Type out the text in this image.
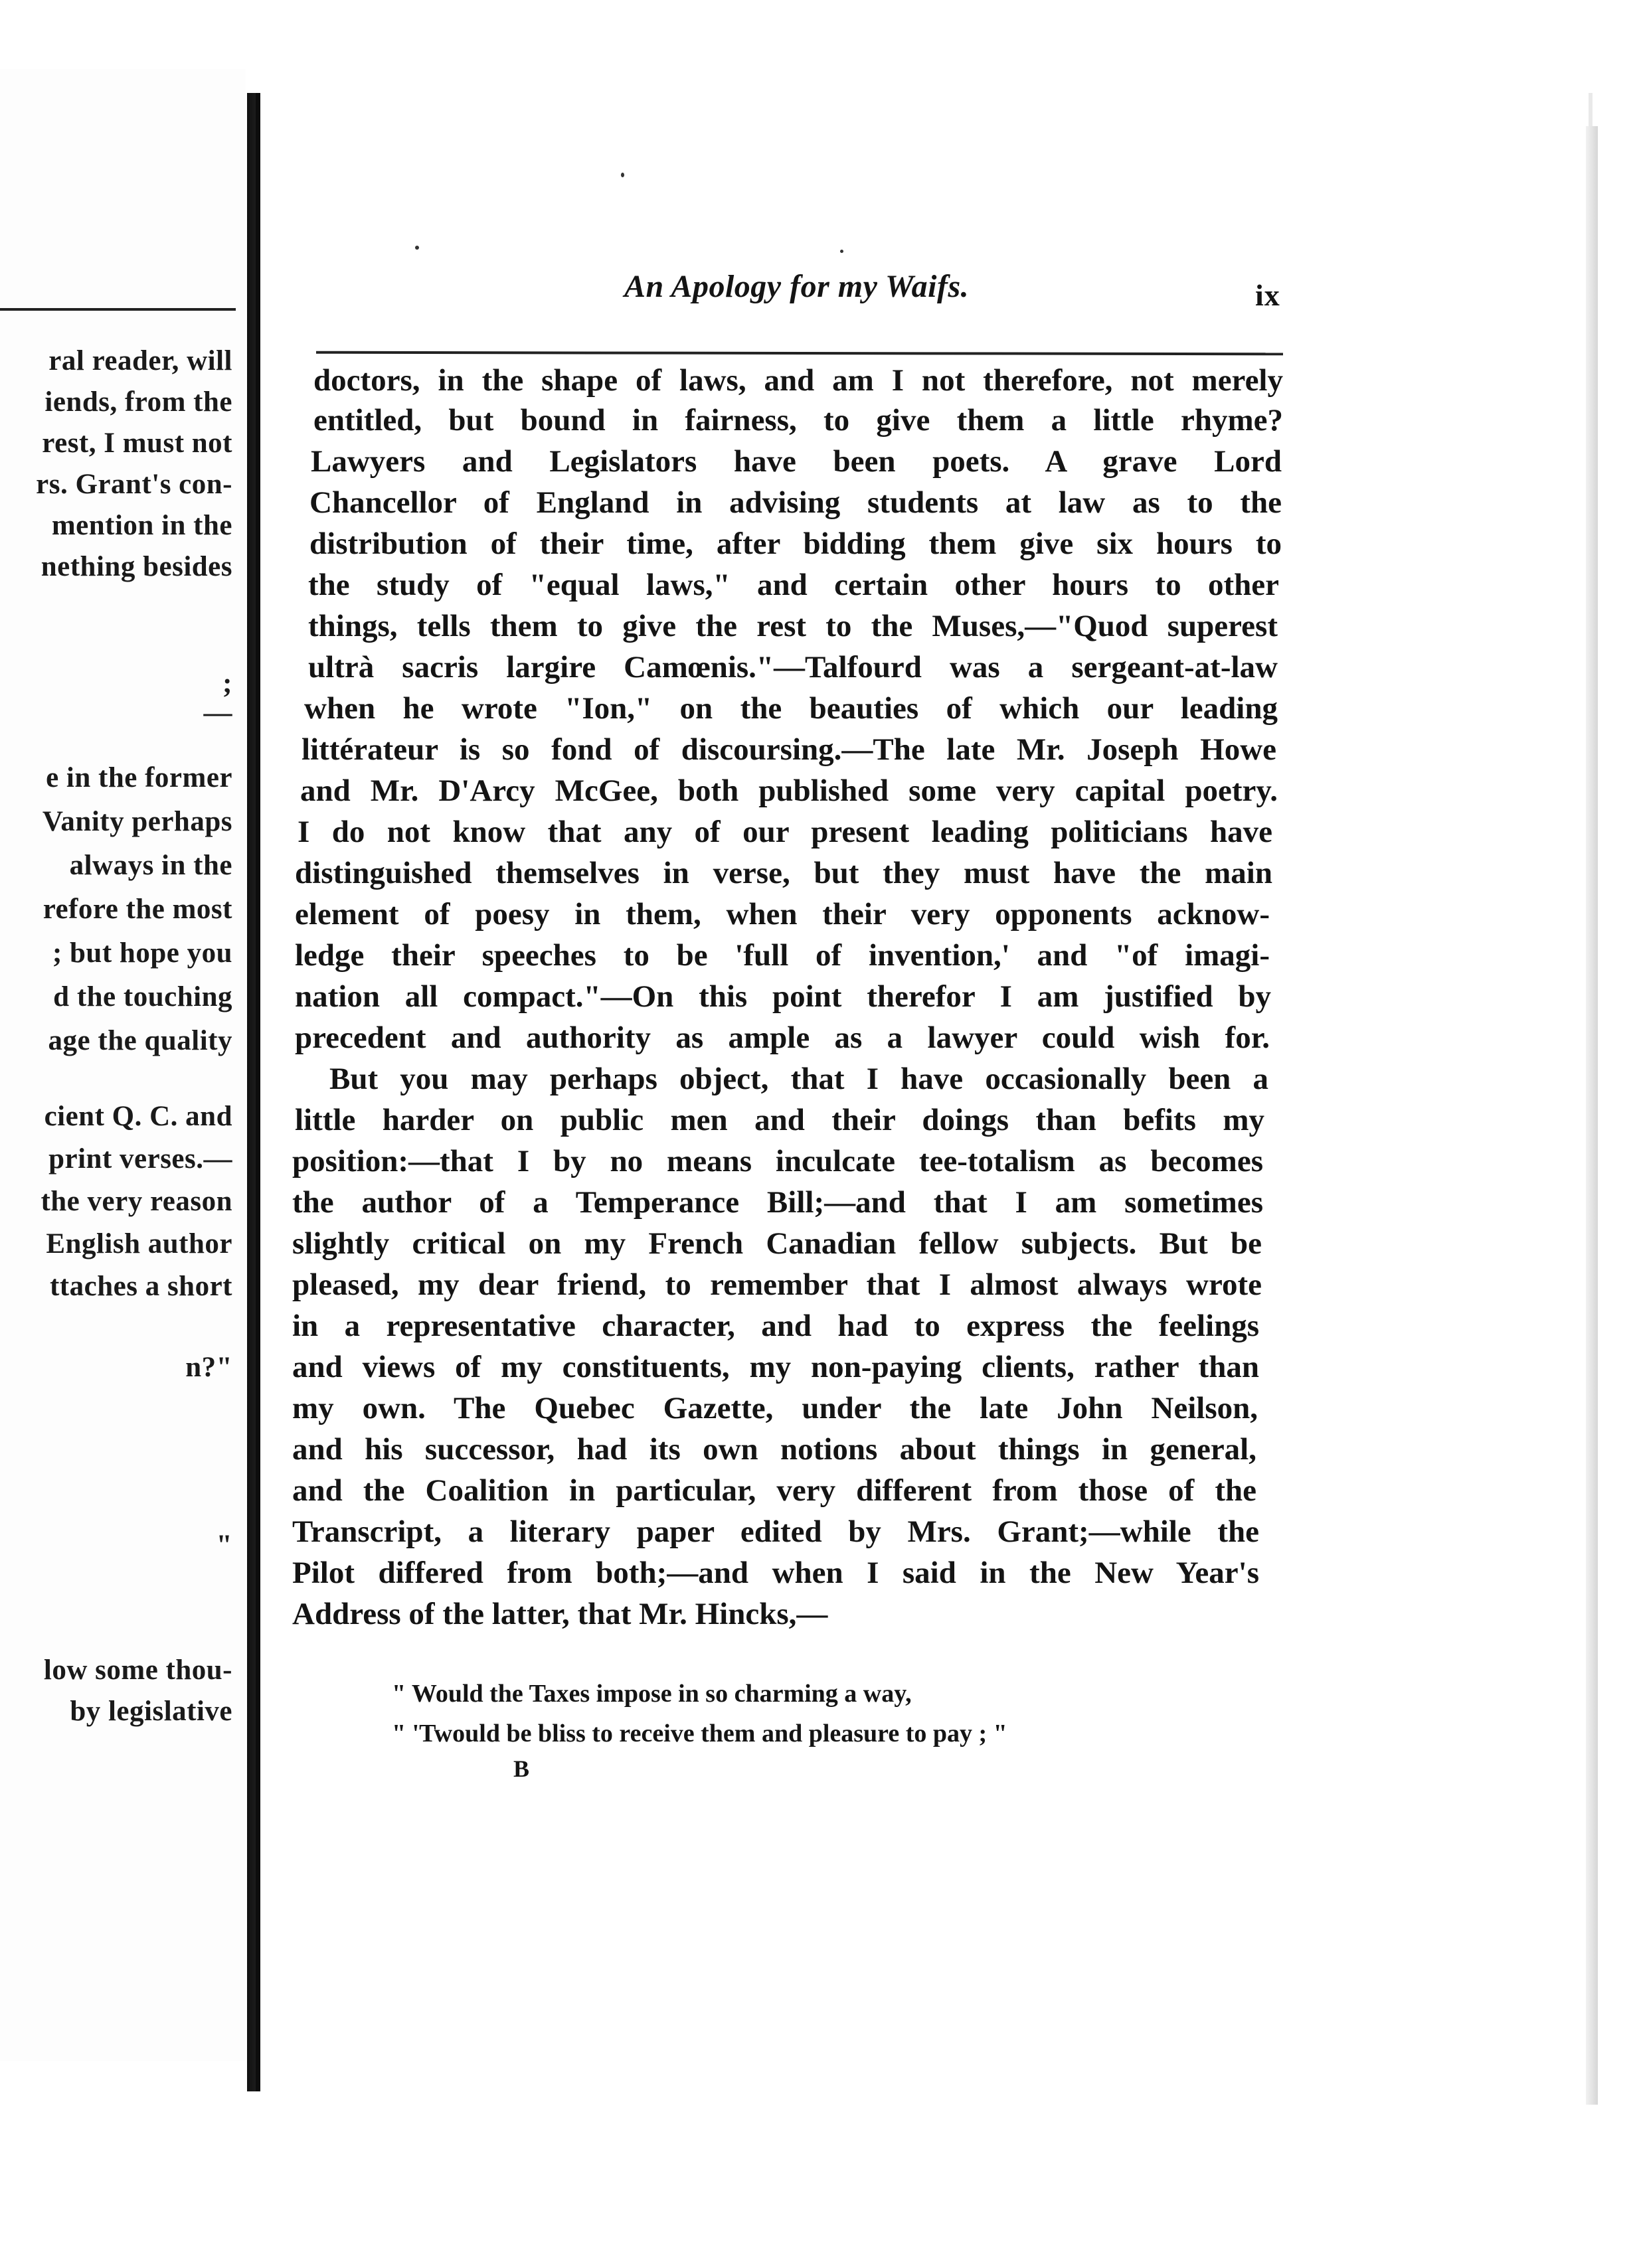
ral reader, will
iends, from the
rest, I must not
rs. Grant's con-
mention in the
nething besides
;
—
e in the former
Vanity perhaps
always in the
refore the most
; but hope you
d the touching
age the quality
cient Q. C. and
print verses.—
the very reason
English author
ttaches a short
n?"
"
low some thou-
by legislative
An Apology for my Waifs.	ix
doctors, in the shape of laws, and am I not therefore, not merely
entitled, but bound in fairness, to give them a little rhyme?
Lawyers and Legislators have been poets. A grave Lord
Chancellor of England in advising students at law as to the
distribution of their time, after bidding them give six hours to
the study of "equal laws," and certain other hours to other
things, tells them to give the rest to the Muses,—"Quod superest
ultrà sacris largire Camœnis."—Talfourd was a sergeant-at-law
when he wrote "Ion," on the beauties of which our leading
littérateur is so fond of discoursing.—The late Mr. Joseph Howe
and Mr. D'Arcy McGee, both published some very capital poetry.
I do not know that any of our present leading politicians have
distinguished themselves in verse, but they must have the main
element of poesy in them, when their very opponents acknow-
ledge their speeches to be 'full of invention,' and "of imagi-
nation all compact."—On this point therefor I am justified by
precedent and authority as ample as a lawyer could wish for.
But you may perhaps object, that I have occasionally been a
little harder on public men and their doings than befits my
position:—that I by no means inculcate tee-totalism as becomes
the author of a Temperance Bill;—and that I am sometimes
slightly critical on my French Canadian fellow subjects. But be
pleased, my dear friend, to remember that I almost always wrote
in a representative character, and had to express the feelings
and views of my constituents, my non-paying clients, rather than
my own. The Quebec Gazette, under the late John Neilson,
and his successor, had its own notions about things in general,
and the Coalition in particular, very different from those of the
Transcript, a literary paper edited by Mrs. Grant;—while the
Pilot differed from both;—and when I said in the New Year's
Address of the latter, that Mr. Hincks,—
" Would the Taxes impose in so charming a way,
" 'Twould be bliss to receive them and pleasure to pay ; "
B
